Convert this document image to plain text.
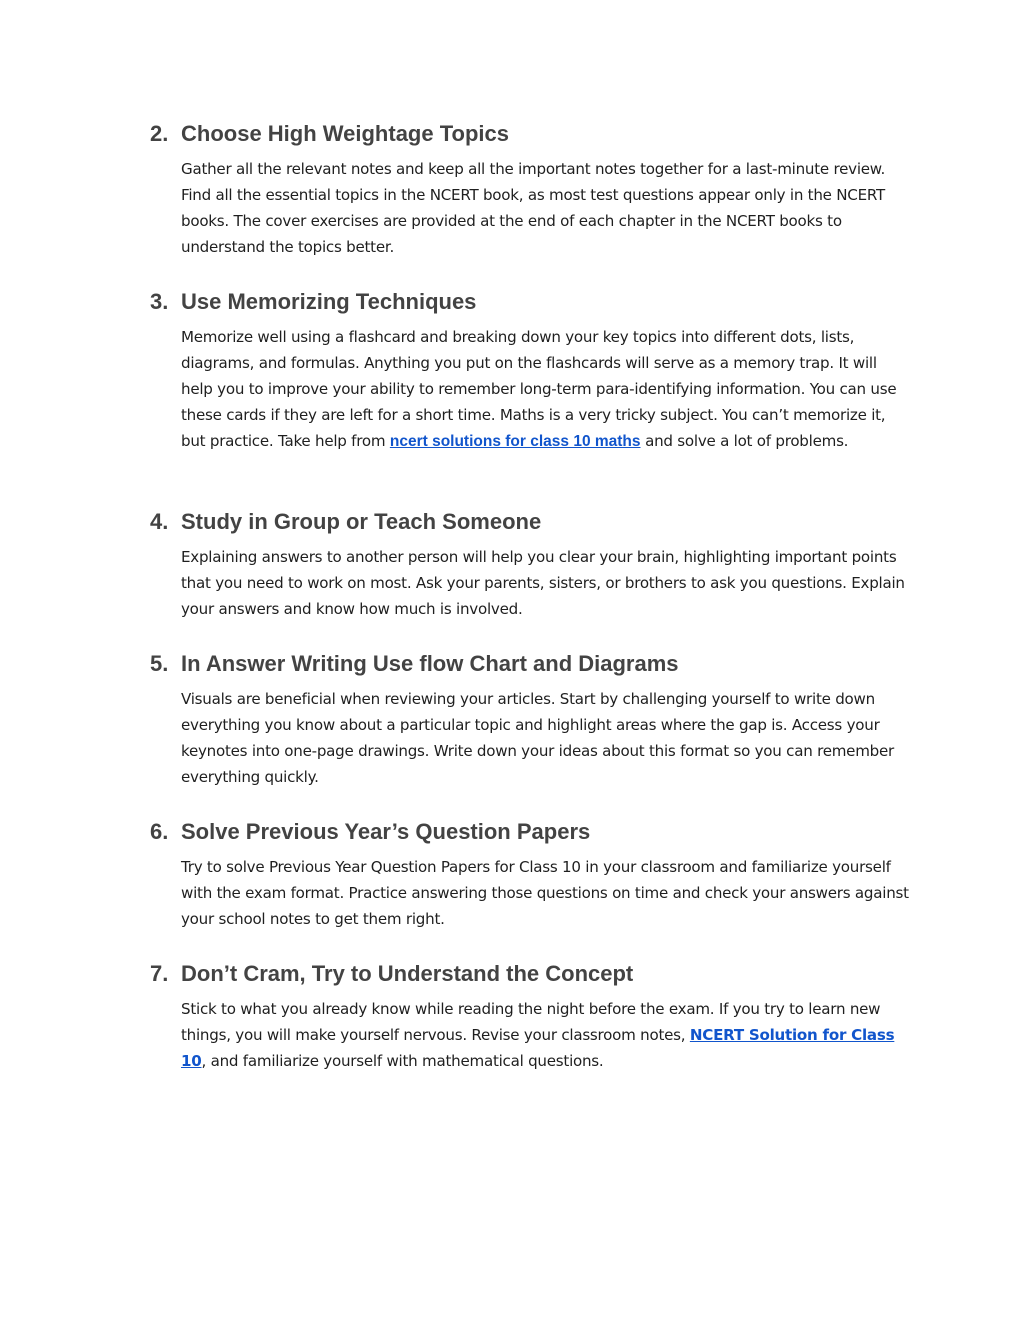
2. Choose High Weightage Topics

Gather all the relevant notes and keep all the important notes together for a last-minute review. Find all the essential topics in the NCERT book, as most test questions appear only in the NCERT books. The cover exercises are provided at the end of each chapter in the NCERT books to understand the topics better.

3. Use Memorizing Techniques

Memorize well using a flashcard and breaking down your key topics into different dots, lists, diagrams, and formulas. Anything you put on the flashcards will serve as a memory trap. It will help you to improve your ability to remember long-term para-identifying information. You can use these cards if they are left for a short time. Maths is a very tricky subject. You can’t memorize it, but practice. Take help from ncert solutions for class 10 maths and solve a lot of problems.

4. Study in Group or Teach Someone

Explaining answers to another person will help you clear your brain, highlighting important points that you need to work on most. Ask your parents, sisters, or brothers to ask you questions. Explain your answers and know how much is involved.

5. In Answer Writing Use flow Chart and Diagrams

Visuals are beneficial when reviewing your articles. Start by challenging yourself to write down everything you know about a particular topic and highlight areas where the gap is. Access your keynotes into one-page drawings. Write down your ideas about this format so you can remember everything quickly.

6. Solve Previous Year’s Question Papers

Try to solve Previous Year Question Papers for Class 10 in your classroom and familiarize yourself with the exam format. Practice answering those questions on time and check your answers against your school notes to get them right.

7. Don’t Cram, Try to Understand the Concept

Stick to what you already know while reading the night before the exam. If you try to learn new things, you will make yourself nervous. Revise your classroom notes, NCERT Solution for Class 10, and familiarize yourself with mathematical questions.
